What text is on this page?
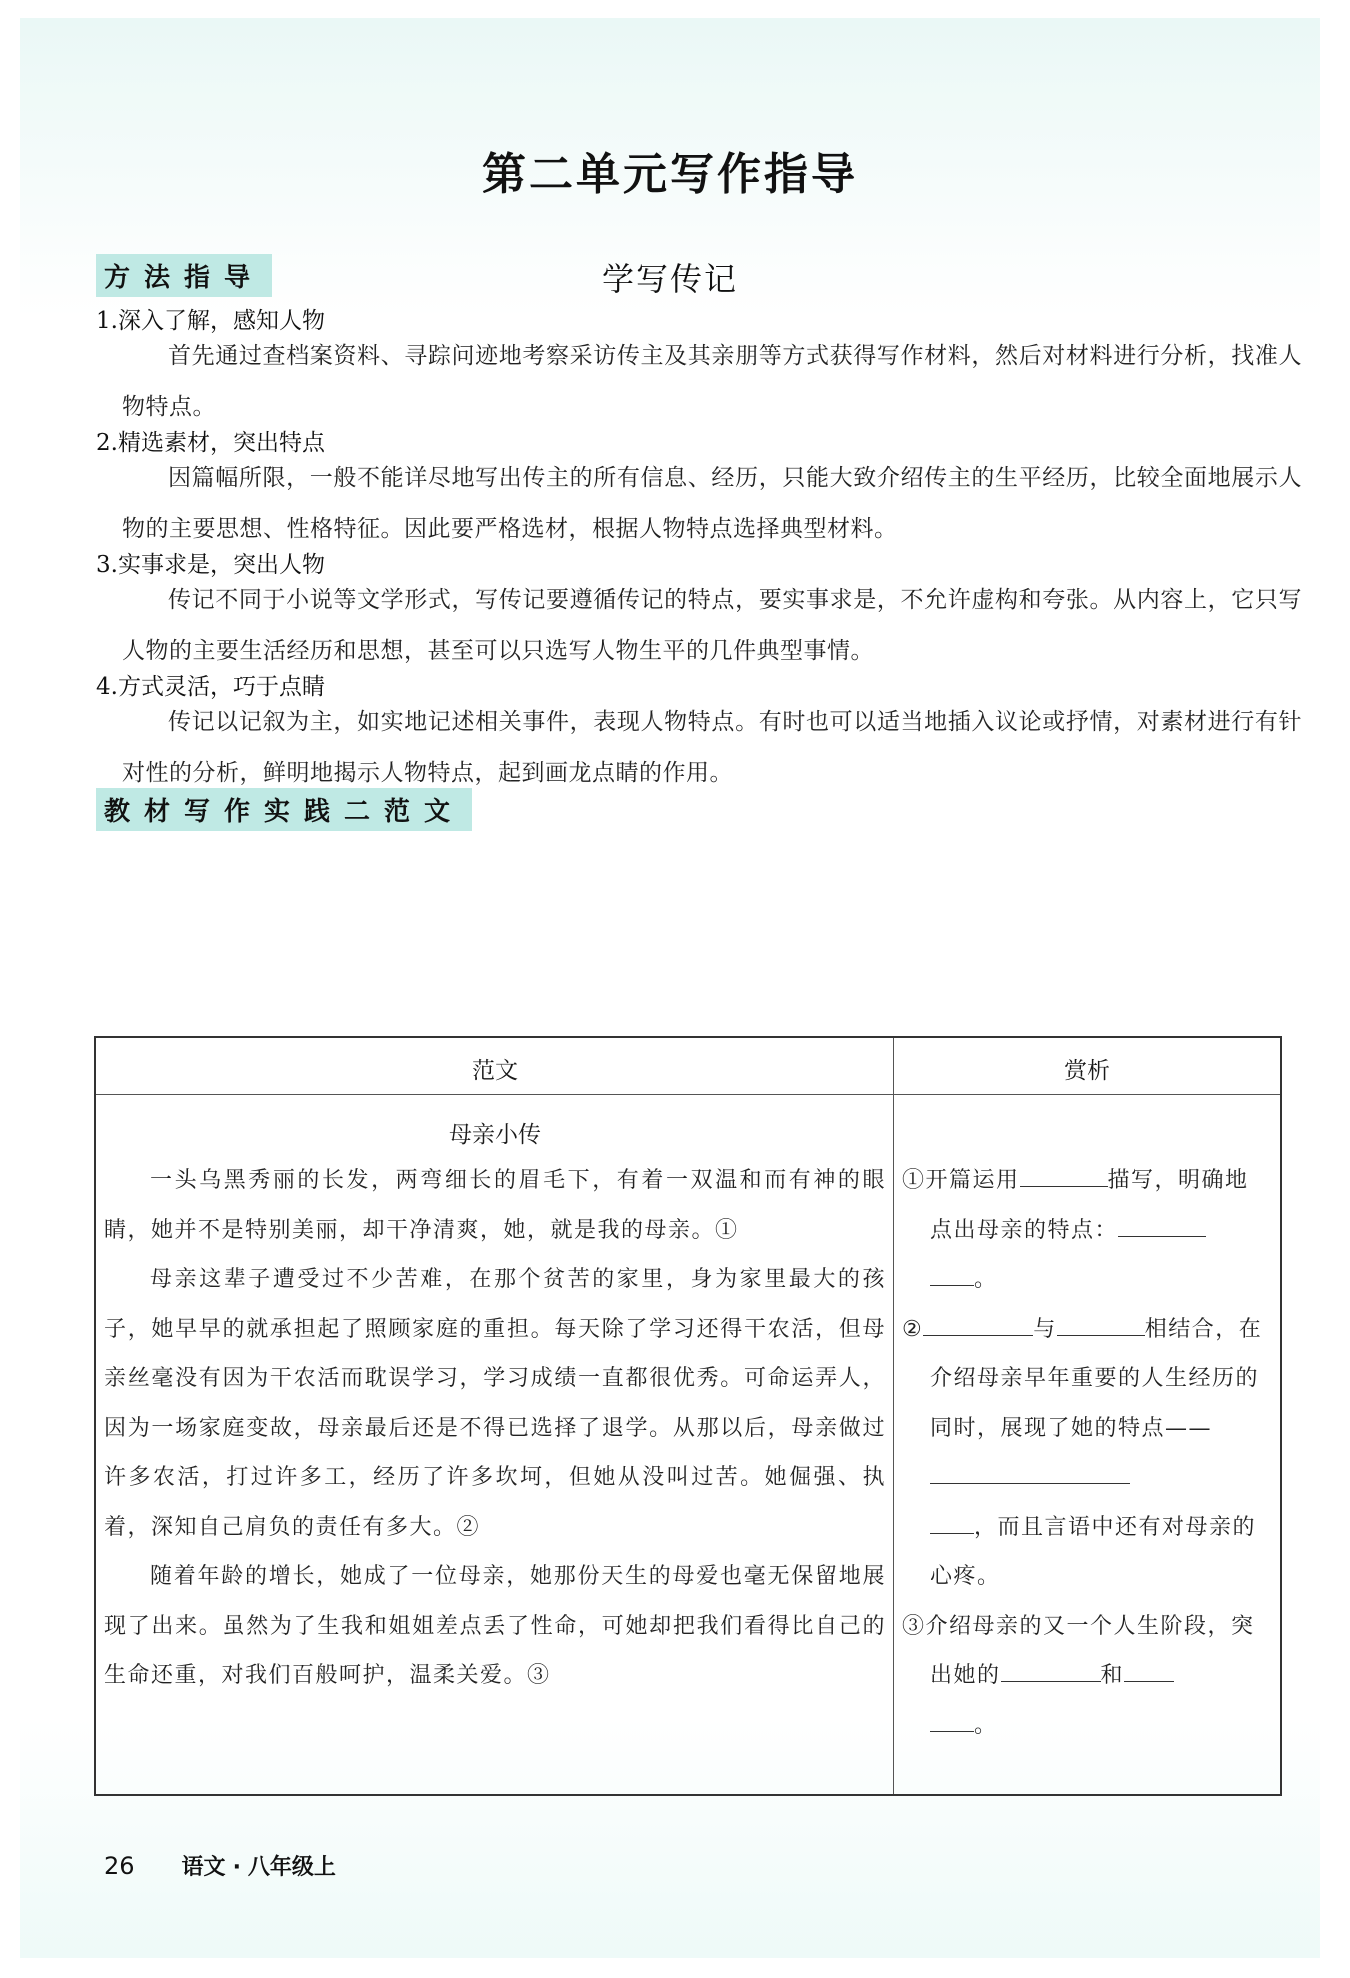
第二单元写作指导
学写传记
方法指导
1.深入了解，感知人物
首先通过查档案资料、寻踪问迹地考察采访传主及其亲朋等方式获得写作材料，然后对材料进行分析，找准人物特点。
2.精选素材，突出特点
因篇幅所限，一般不能详尽地写出传主的所有信息、经历，只能大致介绍传主的生平经历，比较全面地展示人物的主要思想、性格特征。因此要严格选材，根据人物特点选择典型材料。
3.实事求是，突出人物
传记不同于小说等文学形式，写传记要遵循传记的特点，要实事求是，不允许虚构和夸张。从内容上，它只写人物的主要生活经历和思想，甚至可以只选写人物生平的几件典型事情。
4.方式灵活，巧于点睛
传记以记叙为主，如实地记述相关事件，表现人物特点。有时也可以适当地插入议论或抒情，对素材进行有针对性的分析，鲜明地揭示人物特点，起到画龙点睛的作用。
教材写作实践二范文
范文	赏析
母亲小传

一头乌黑秀丽的长发，两弯细长的眉毛下，有着一双温和而有神的眼睛，她并不是特别美丽，却干净清爽，她，就是我的母亲。①

母亲这辈子遭受过不少苦难，在那个贫苦的家里，身为家里最大的孩子，她早早的就承担起了照顾家庭的重担。每天除了学习还得干农活，但母亲丝毫没有因为干农活而耽误学习，学习成绩一直都很优秀。可命运弄人，因为一场家庭变故，母亲最后还是不得已选择了退学。从那以后，母亲做过许多农活，打过许多工，经历了许多坎坷，但她从没叫过苦。她倔强、执着，深知自己肩负的责任有多大。②

随着年龄的增长，她成了一位母亲，她那份天生的母爱也毫无保留地展现了出来。虽然为了生我和姐姐差点丢了性命，可她却把我们看得比自己的生命还重，对我们百般呵护，温柔关爱。③

①开篇运用	描写，明确地点出母亲的特点：
。

②	与	相结合，在介绍母亲早年重要的人生经历的同时，展现了她的特点——
，而且言语中还有对母亲的心疼。

③介绍母亲的又一个人生阶段，突出她的	和
。

26 语文 · 八年级上
